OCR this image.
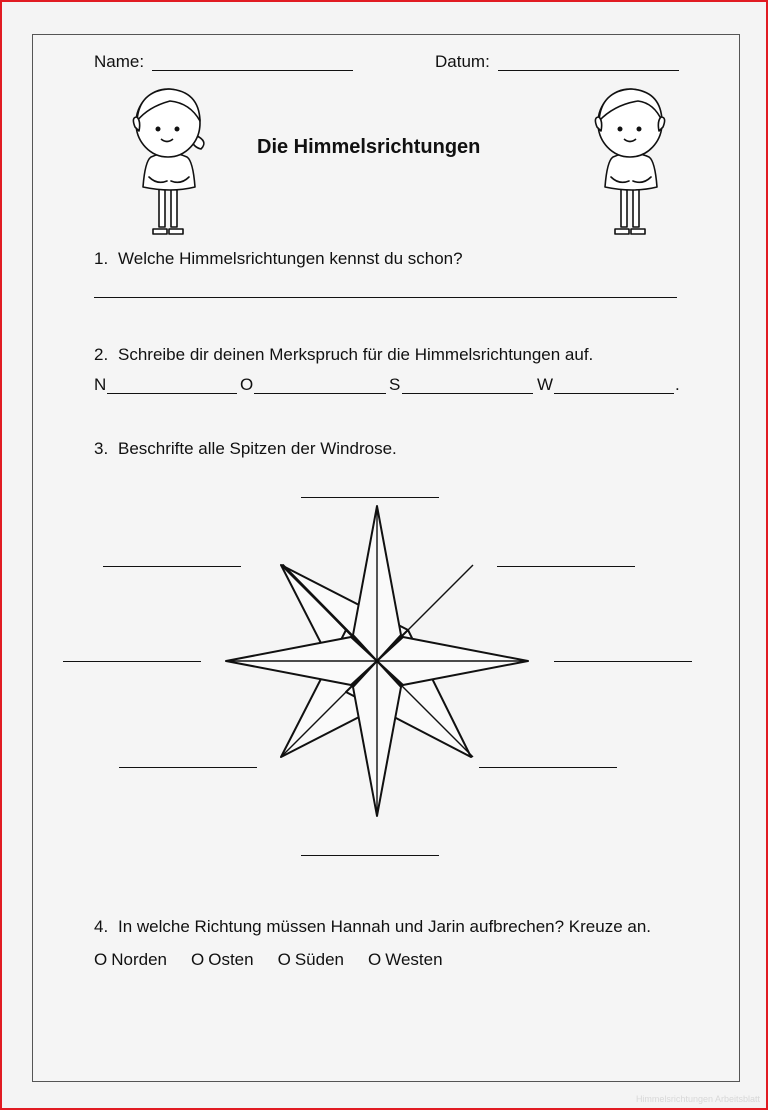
Name:	Datum:
Die Himmelsrichtungen
1. Welche Himmelsrichtungen kennst du schon?
2. Schreibe dir deinen Merkspruch für die Himmelsrichtungen auf.
N	O	S	W	.
3. Beschrifte alle Spitzen der Windrose.
4. In welche Richtung müssen Hannah und Jarin aufbrechen? Kreuze an.
O Norden O Osten O Süden O Westen
Himmelsrichtungen Arbeitsblatt
